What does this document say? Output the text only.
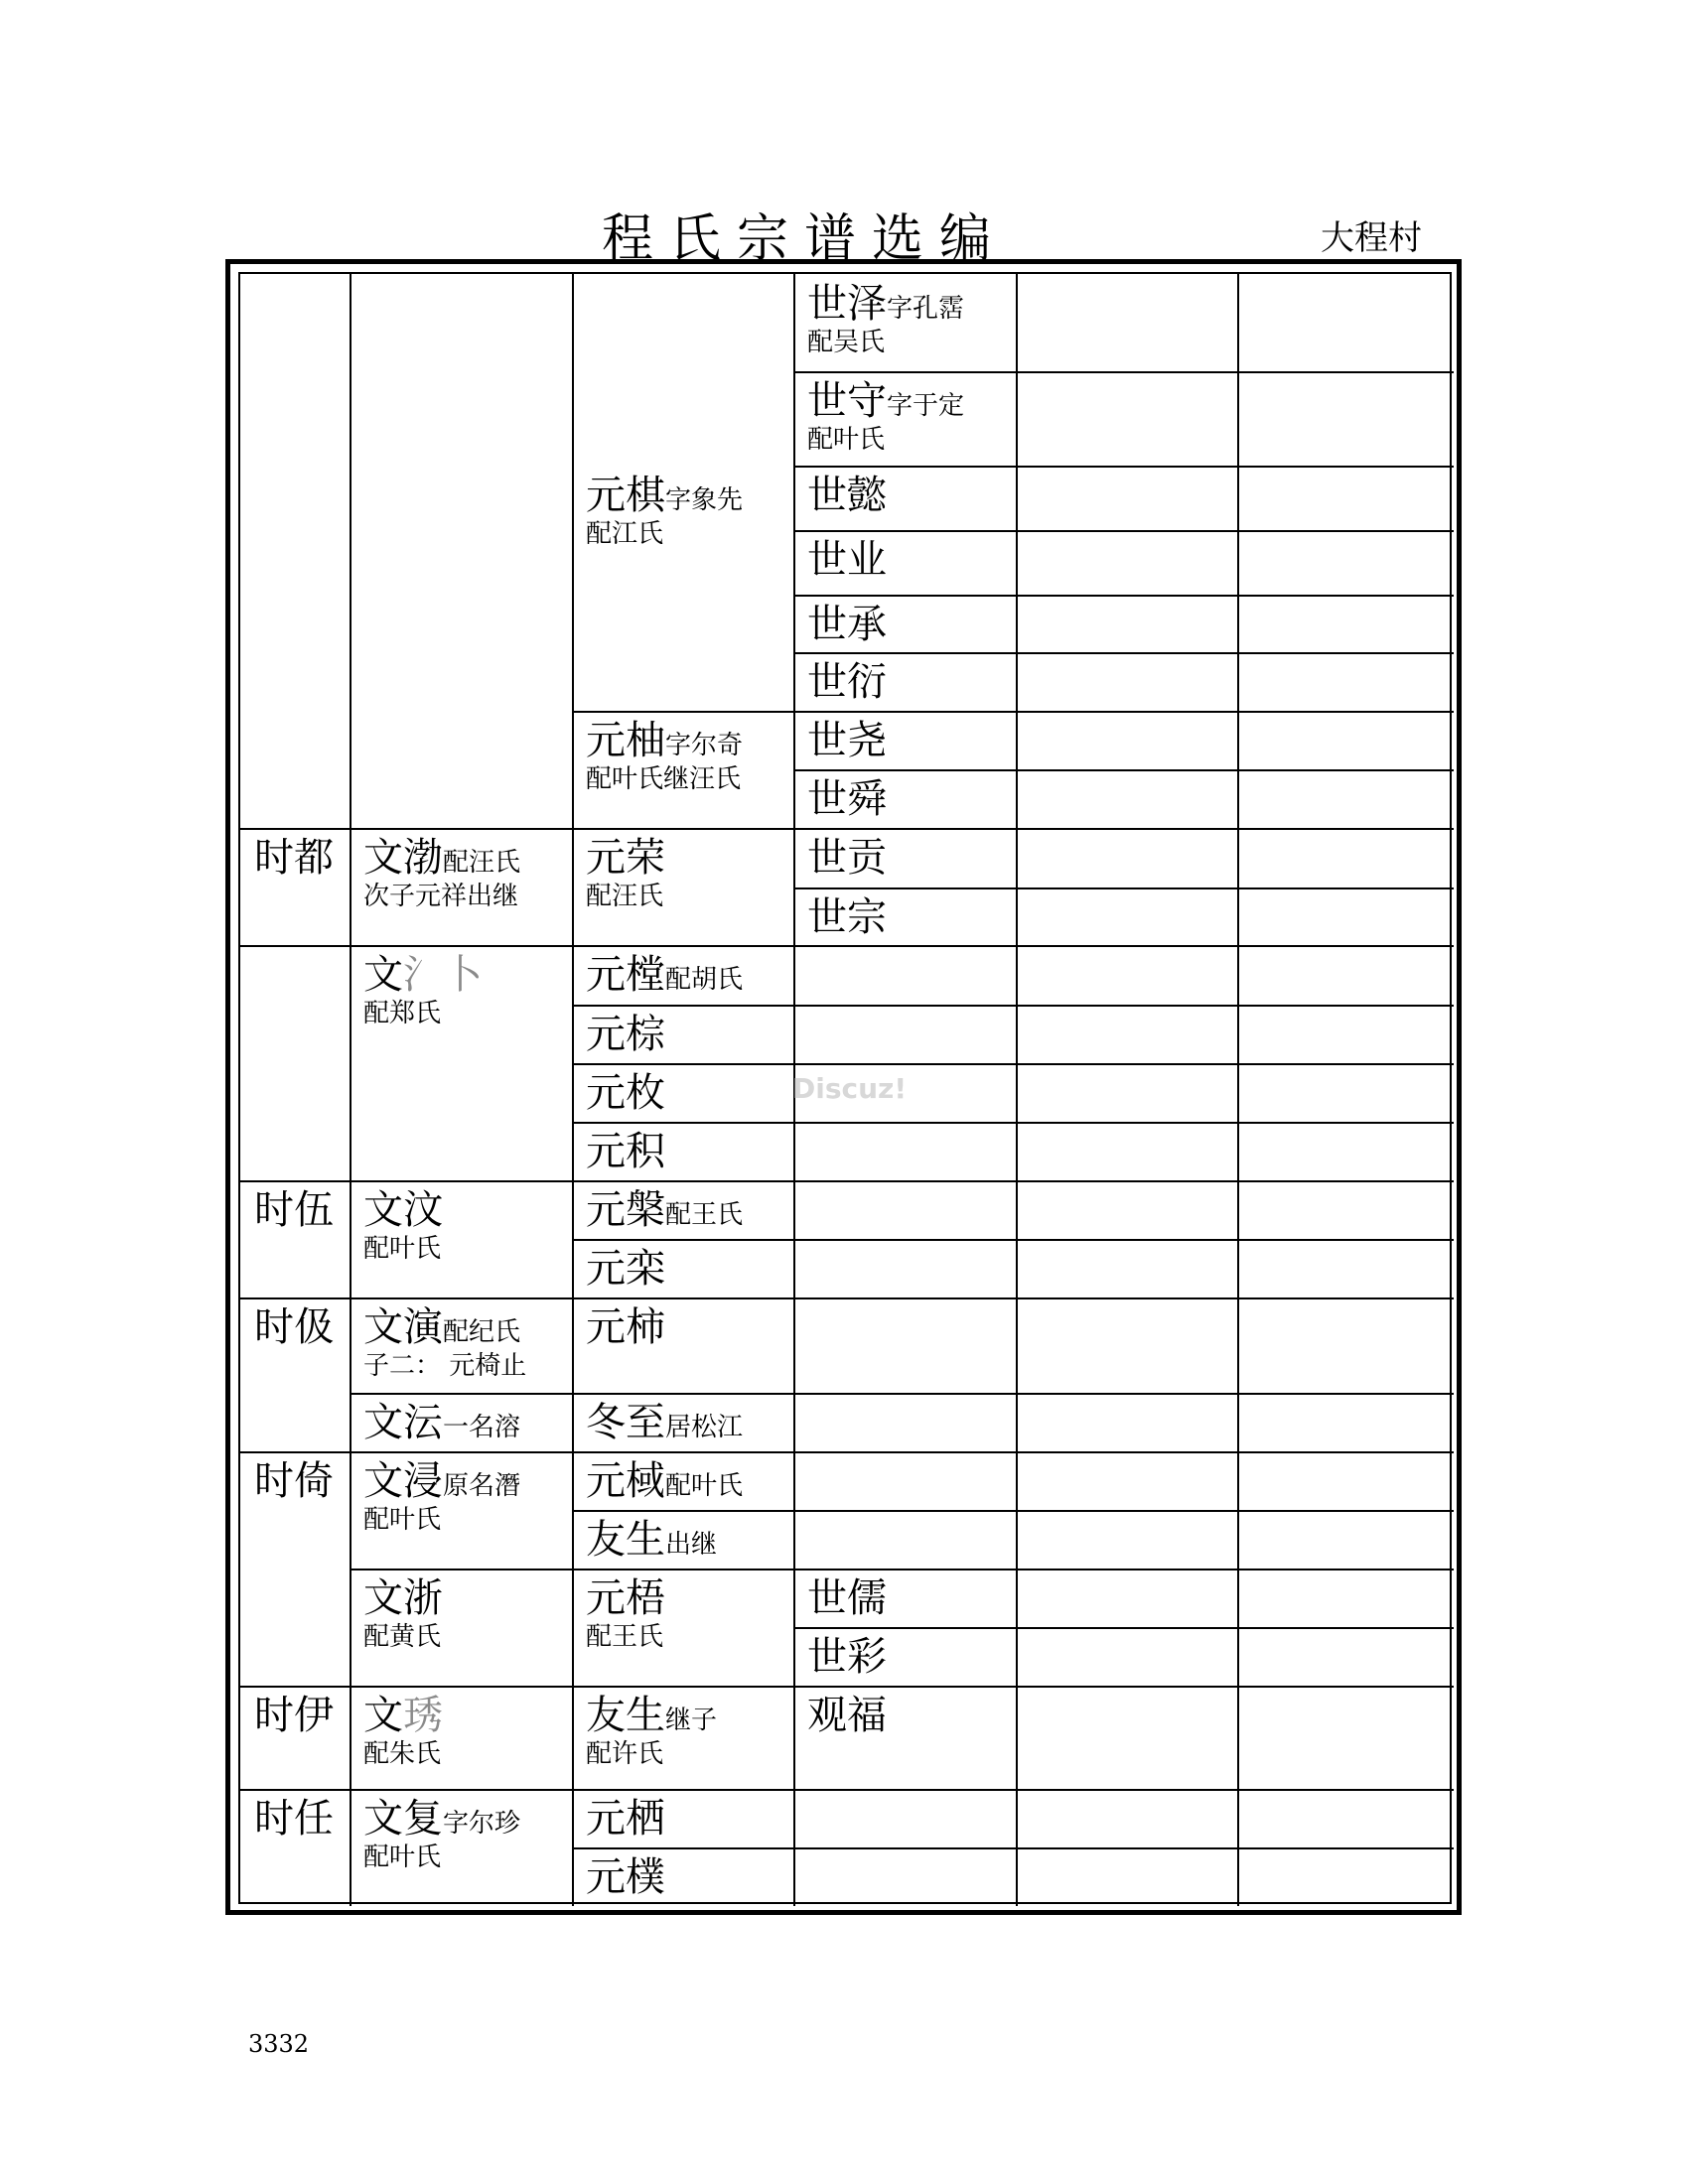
程氏宗谱选编	大程村
世泽字孔霑
配吴氏
世守字于定
配叶氏
元棋字象先
配江氏
世懿
世业
世承
世衍
元柚字尔奇
配叶氏继汪氏
世尧
世舜
时都 文渤配汪氏
次子元祥出继
元荣
配汪氏
世贡
世宗
文氵卜
配郑氏
元樘配胡氏
元棕
元枚
元积
时伍 文汶
配叶氏
元槃配王氏
元栾
时伋 文演配纪氏
子二： 元椅止
元柿
文沄一名溶 冬至居松江
时倚 文浸原名潛
配叶氏
元棫配叶氏
友生出继
文浙
配黄氏
元梧
配王氏
世儒
世彩
时伊 文琇
配朱氏
友生继子
配许氏
观福
时任 文复字尔珍
配叶氏
元栖
元樸
Discuz!
3332
